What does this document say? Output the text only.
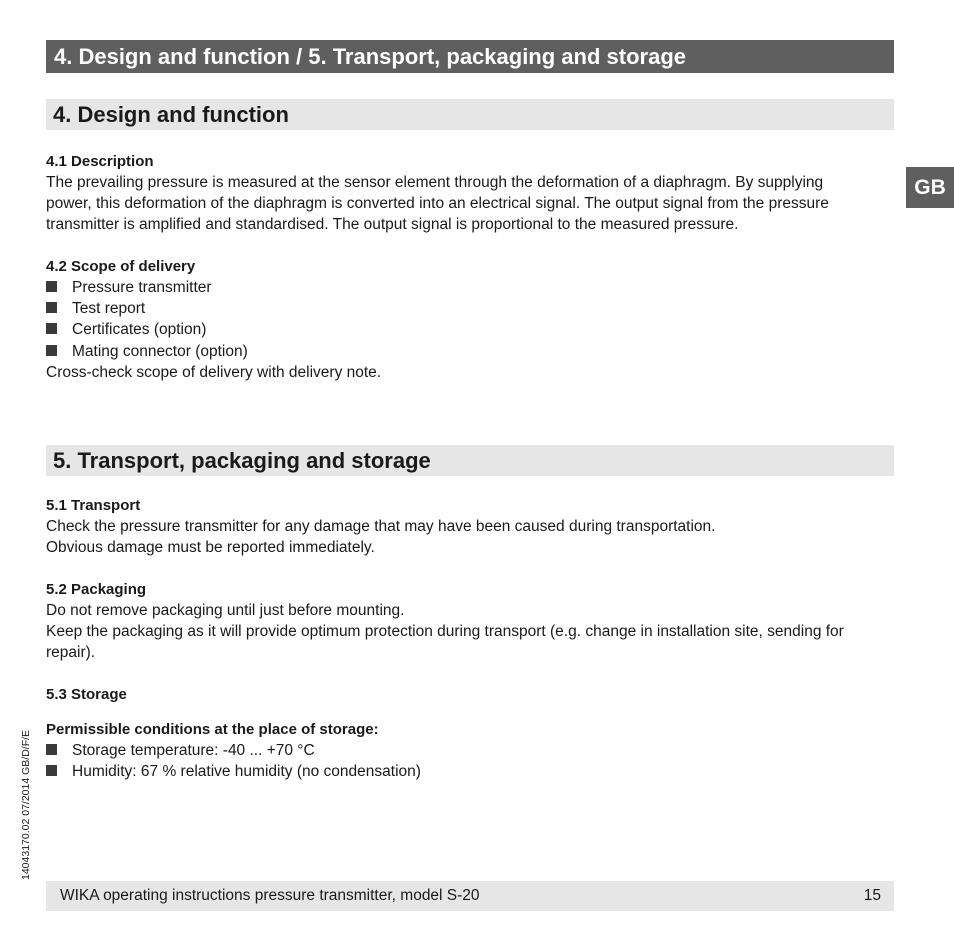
4. Design and function / 5. Transport, packaging and storage
GB
4. Design and function
4.1 Description
The prevailing pressure is measured at the sensor element through the deformation of a diaphragm. By supplying
power, this deformation of the diaphragm is converted into an electrical signal. The output signal from the pressure
transmitter is amplified and standardised. The output signal is proportional to the measured pressure.
4.2 Scope of delivery
Pressure transmitter
Test report
Certificates (option)
Mating connector (option)
Cross-check scope of delivery with delivery note.
5. Transport, packaging and storage
5.1 Transport
Check the pressure transmitter for any damage that may have been caused during transportation.
Obvious damage must be reported immediately.
5.2 Packaging
Do not remove packaging until just before mounting.
Keep the packaging as it will provide optimum protection during transport (e.g. change in installation site, sending for
repair).
5.3 Storage
Permissible conditions at the place of storage:
Storage temperature: -40 ... +70 °C
Humidity: 67 % relative humidity (no condensation)
14043170.02 07/2014 GB/D/F/E
WIKA operating instructions pressure transmitter, model S-20	15
